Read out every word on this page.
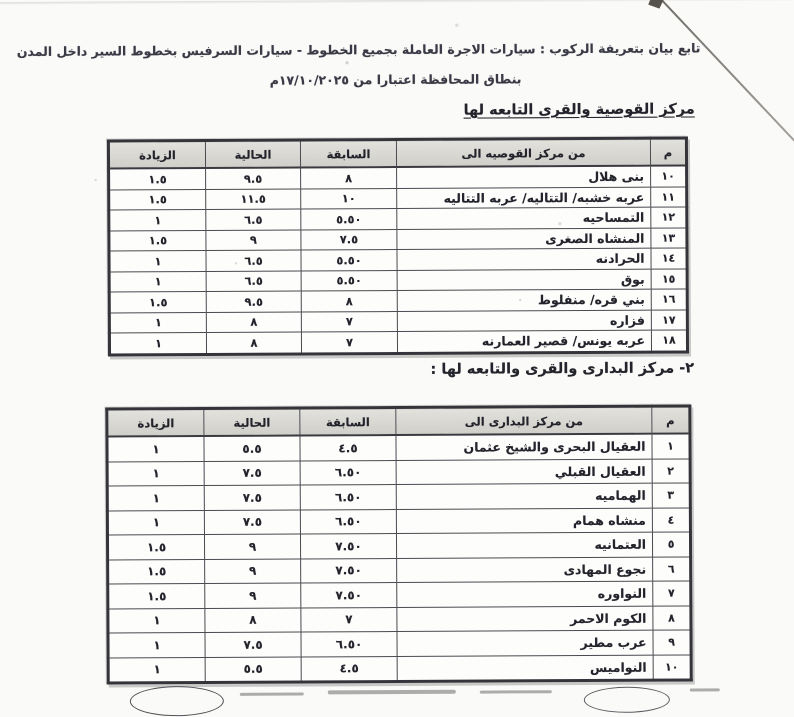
تابع بيان بتعريفة الركوب : سيارات الاجرة العاملة بجميع الخطوط - سيارات السرفيس بخطوط السير داخل المدن
بنطاق المحافظة اعتبارا من ١٧/١٠/٢٠٢٥م
مركز القوصية والقرى التابعه لها
م	من مركز القوصيه الى	السابقة	الحالية	الزيادة
١٠	بنى هلال	٨	٩.٥	١.٥
١١	عربه خشبه/ التتاليه/ عربه التتاليه	١٠	١١.٥	١.٥
١٢	التمساحيه	٥.٥٠	٦.٥	١
١٣	المنشاه الصغرى	٧.٥	٩	١.٥
١٤	الحرادنه	٥.٥٠	٦.٥	١
١٥	بوق	٥.٥٠	٦.٥	١
١٦	بني قره/ منفلوط	٨	٩.٥	١.٥
١٧	فزاره	٧	٨	١
١٨	عربه يونس/ قصير العمارنه	٧	٨	١
٢- مركز البدارى والقرى والتابعه لها :
م	من مركز البدارى الى	السابقة	الحالية	الزيادة
١	العقيال البحرى والشيخ عثمان	٤.٥	٥.٥	١
٢	العقيال القبلي	٦.٥٠	٧.٥	١
٣	الهماميه	٦.٥٠	٧.٥	١
٤	منشاه همام	٦.٥٠	٧.٥	١
٥	العتمانيه	٧.٥٠	٩	١.٥
٦	نجوع المهادى	٧.٥٠	٩	١.٥
٧	النواوره	٧.٥٠	٩	١.٥
٨	الكوم الاحمر	٧	٨	١
٩	عرب مطير	٦.٥٠	٧.٥	١
١٠	النواميس	٤.٥	٥.٥	١
